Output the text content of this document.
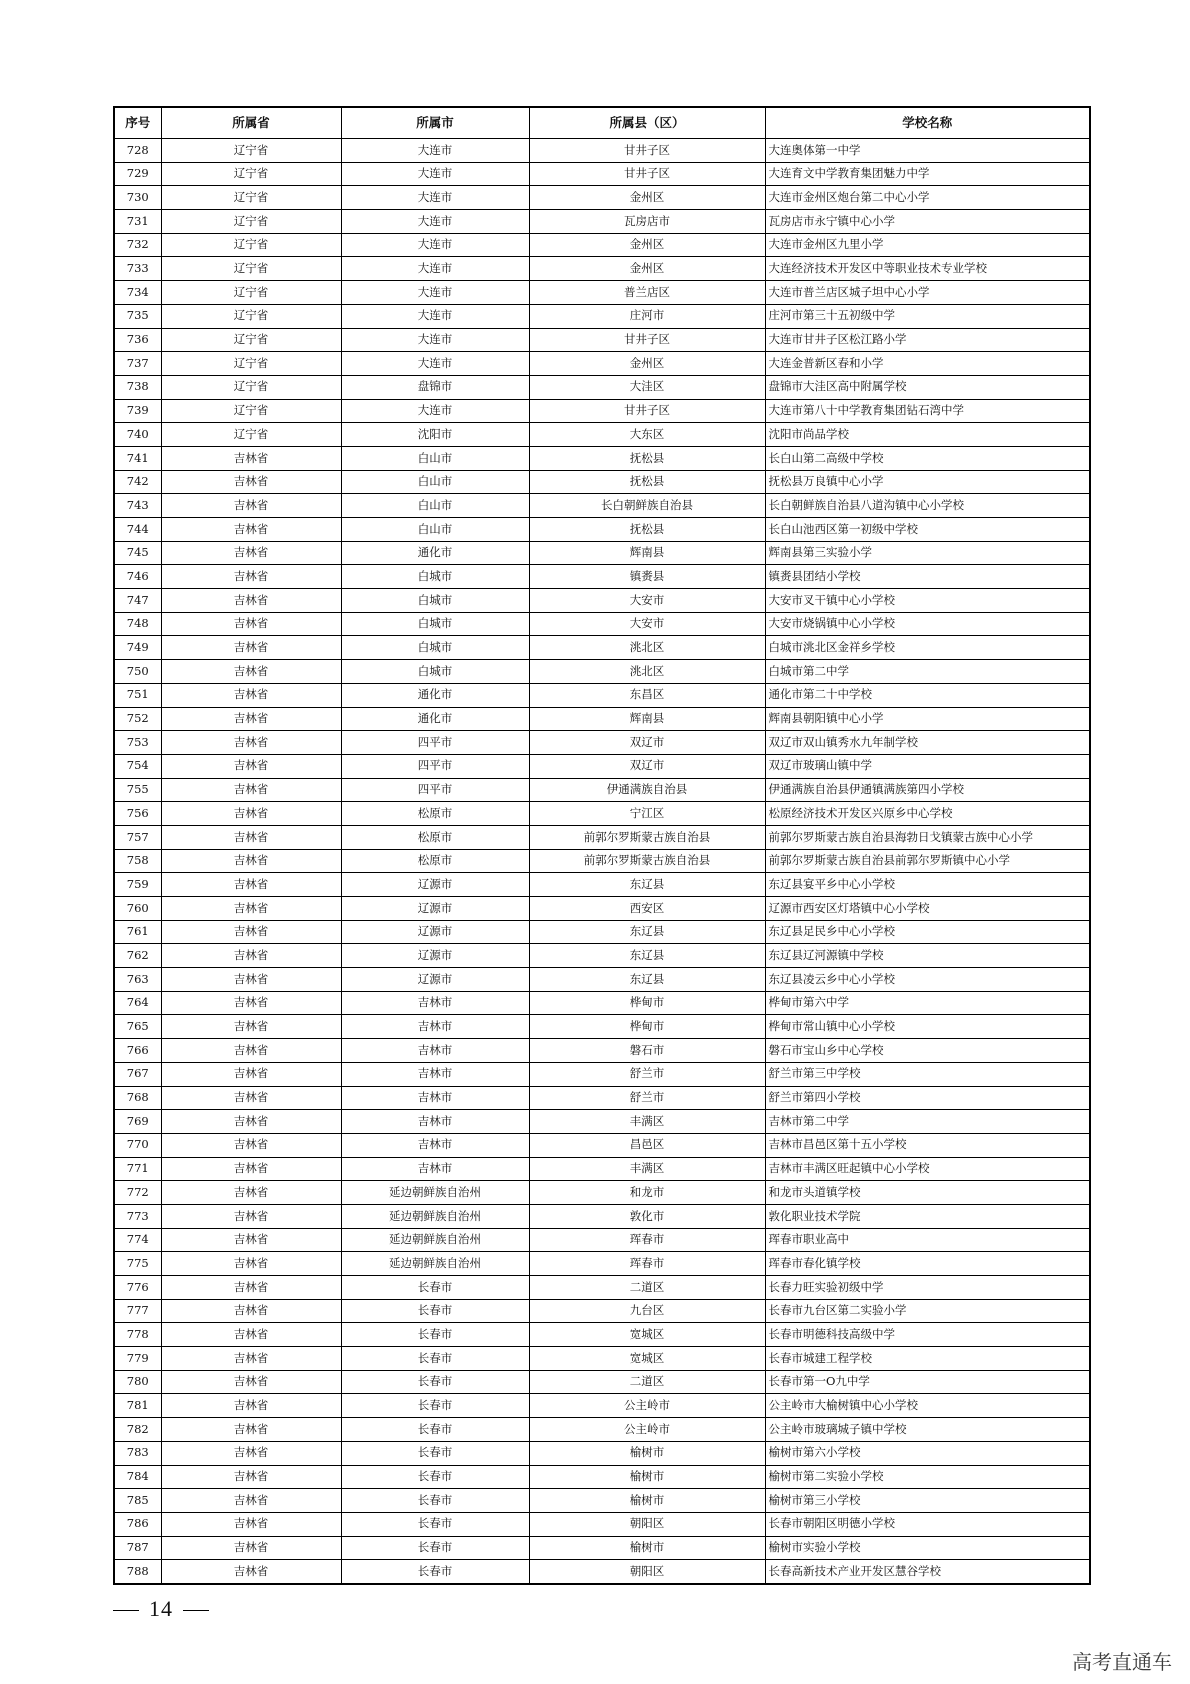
序号	所属省	所属市	所属县（区）	学校名称
728	辽宁省	大连市	甘井子区	大连奥体第一中学
729	辽宁省	大连市	甘井子区	大连育文中学教育集团魅力中学
730	辽宁省	大连市	金州区	大连市金州区炮台第二中心小学
731	辽宁省	大连市	瓦房店市	瓦房店市永宁镇中心小学
732	辽宁省	大连市	金州区	大连市金州区九里小学
733	辽宁省	大连市	金州区	大连经济技术开发区中等职业技术专业学校
734	辽宁省	大连市	普兰店区	大连市普兰店区城子坦中心小学
735	辽宁省	大连市	庄河市	庄河市第三十五初级中学
736	辽宁省	大连市	甘井子区	大连市甘井子区松江路小学
737	辽宁省	大连市	金州区	大连金普新区春和小学
738	辽宁省	盘锦市	大洼区	盘锦市大洼区高中附属学校
739	辽宁省	大连市	甘井子区	大连市第八十中学教育集团钻石湾中学
740	辽宁省	沈阳市	大东区	沈阳市尚品学校
741	吉林省	白山市	抚松县	长白山第二高级中学校
742	吉林省	白山市	抚松县	抚松县万良镇中心小学
743	吉林省	白山市	长白朝鲜族自治县	长白朝鲜族自治县八道沟镇中心小学校
744	吉林省	白山市	抚松县	长白山池西区第一初级中学校
745	吉林省	通化市	辉南县	辉南县第三实验小学
746	吉林省	白城市	镇赉县	镇赉县团结小学校
747	吉林省	白城市	大安市	大安市叉干镇中心小学校
748	吉林省	白城市	大安市	大安市烧锅镇中心小学校
749	吉林省	白城市	洮北区	白城市洮北区金祥乡学校
750	吉林省	白城市	洮北区	白城市第二中学
751	吉林省	通化市	东昌区	通化市第二十中学校
752	吉林省	通化市	辉南县	辉南县朝阳镇中心小学
753	吉林省	四平市	双辽市	双辽市双山镇秀水九年制学校
754	吉林省	四平市	双辽市	双辽市玻璃山镇中学
755	吉林省	四平市	伊通满族自治县	伊通满族自治县伊通镇满族第四小学校
756	吉林省	松原市	宁江区	松原经济技术开发区兴原乡中心学校
757	吉林省	松原市	前郭尔罗斯蒙古族自治县	前郭尔罗斯蒙古族自治县海勃日戈镇蒙古族中心小学
758	吉林省	松原市	前郭尔罗斯蒙古族自治县	前郭尔罗斯蒙古族自治县前郭尔罗斯镇中心小学
759	吉林省	辽源市	东辽县	东辽县宴平乡中心小学校
760	吉林省	辽源市	西安区	辽源市西安区灯塔镇中心小学校
761	吉林省	辽源市	东辽县	东辽县足民乡中心小学校
762	吉林省	辽源市	东辽县	东辽县辽河源镇中学校
763	吉林省	辽源市	东辽县	东辽县凌云乡中心小学校
764	吉林省	吉林市	桦甸市	桦甸市第六中学
765	吉林省	吉林市	桦甸市	桦甸市常山镇中心小学校
766	吉林省	吉林市	磐石市	磐石市宝山乡中心学校
767	吉林省	吉林市	舒兰市	舒兰市第三中学校
768	吉林省	吉林市	舒兰市	舒兰市第四小学校
769	吉林省	吉林市	丰满区	吉林市第二中学
770	吉林省	吉林市	昌邑区	吉林市昌邑区第十五小学校
771	吉林省	吉林市	丰满区	吉林市丰满区旺起镇中心小学校
772	吉林省	延边朝鲜族自治州	和龙市	和龙市头道镇学校
773	吉林省	延边朝鲜族自治州	敦化市	敦化职业技术学院
774	吉林省	延边朝鲜族自治州	珲春市	珲春市职业高中
775	吉林省	延边朝鲜族自治州	珲春市	珲春市春化镇学校
776	吉林省	长春市	二道区	长春力旺实验初级中学
777	吉林省	长春市	九台区	长春市九台区第二实验小学
778	吉林省	长春市	宽城区	长春市明德科技高级中学
779	吉林省	长春市	宽城区	长春市城建工程学校
780	吉林省	长春市	二道区	长春市第一O九中学
781	吉林省	长春市	公主岭市	公主岭市大榆树镇中心小学校
782	吉林省	长春市	公主岭市	公主岭市玻璃城子镇中学校
783	吉林省	长春市	榆树市	榆树市第六小学校
784	吉林省	长春市	榆树市	榆树市第二实验小学校
785	吉林省	长春市	榆树市	榆树市第三小学校
786	吉林省	长春市	朝阳区	长春市朝阳区明德小学校
787	吉林省	长春市	榆树市	榆树市实验小学校
788	吉林省	长春市	朝阳区	长春高新技术产业开发区慧谷学校
14
高考直通车
